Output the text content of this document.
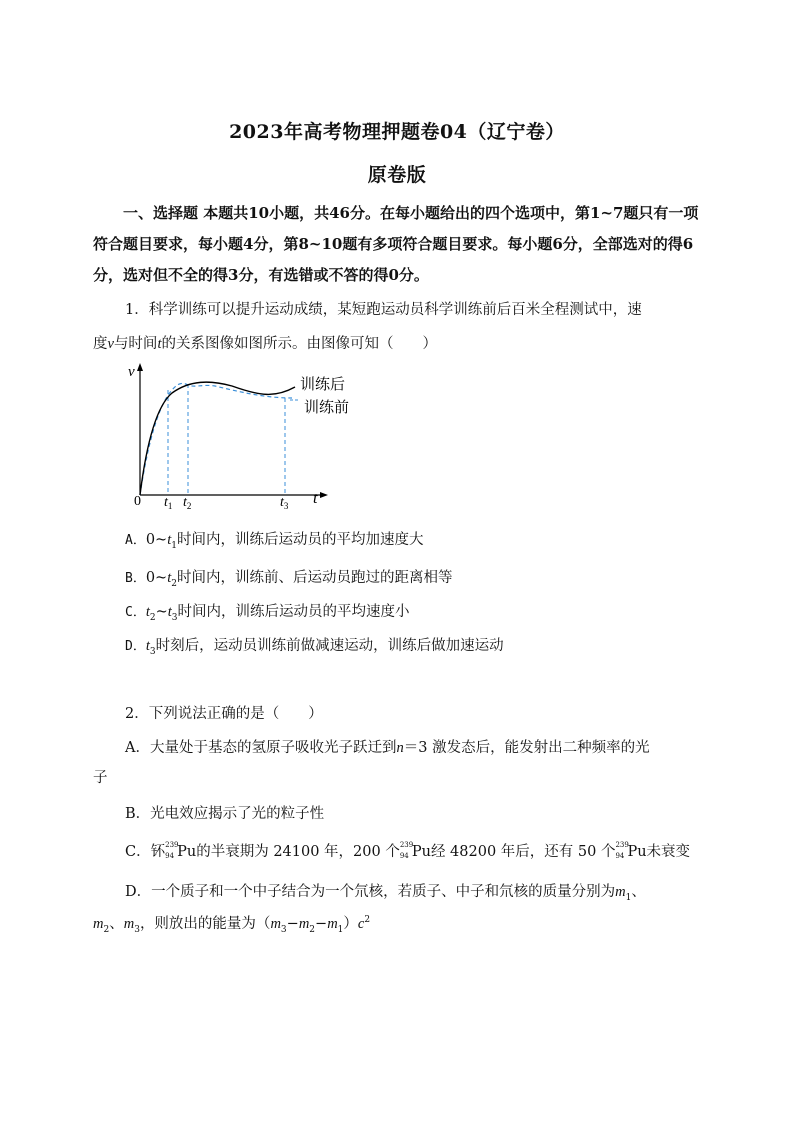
2023年高考物理押题卷04（辽宁卷）
原卷版
一、选择题 本题共10小题，共46分。在每小题给出的四个选项中，第1~7题只有一项符合题目要求，每小题4分，第8~10题有多项符合题目要求。每小题6分，全部选对的得6分，选对但不全的得3分，有选错或不答的得0分。
1．科学训练可以提升运动成绩，某短跑运动员科学训练前后百米全程测试中，速
度v与时间t的关系图像如图所示。由图像可知（　　）
v
t
0 $t_1$ $t_2$	$t_3$
训练后
训练前
A．$0\sim t_1$时间内，训练后运动员的平均加速度大
B．$0\sim t_2$时间内，训练前、后运动员跑过的距离相等
C．$t_2\sim t_3$时间内，训练后运动员的平均速度小
D．$t_3$时刻后，运动员训练前做减速运动，训练后做加速运动
2．下列说法正确的是（　　）
A．大量处于基态的氢原子吸收光子跃迁到n＝3 激发态后，能发射出二种频率的光
子
B．光电效应揭示了光的粒子性
C．钚 239
94 Pu的半衰期为 24100 年，200 个 239
94 Pu经 48200 年后，还有 50 个 239
94 Pu未衰变
D．一个质子和一个中子结合为一个氘核，若质子、中子和氘核的质量分别为$m_1$、
$m_2$、$m_3$，则放出的能量为$(m_3-m_2-m_1)c^2$
